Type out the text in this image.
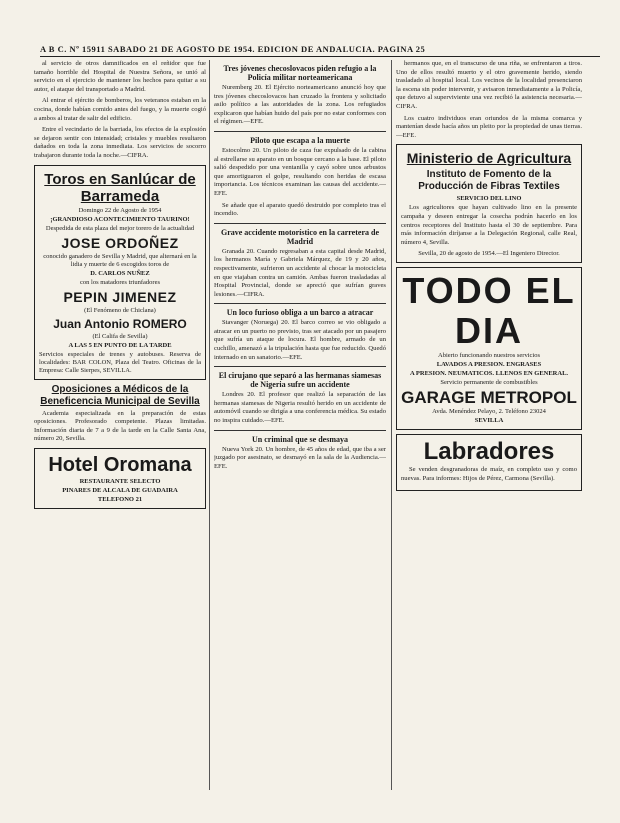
A B C. Nº 15911 SABADO 21 DE AGOSTO DE 1954. EDICION DE ANDALUCIA. PAGINA 25

al servicio de otros damnificados en el reñidor que fue tamaño horrible del Hospital de Nuestra Señora, se unió al servicio en el ejercicio de mantener los hechos para quitar a su autor, el ataque del transportado a Madrid.

Al entrar el ejército de bomberos, los veteranos estaban en la cocina, donde habían comido antes del fuego, y la muerte cogió a ambos al tratar de salir del edificio.

Entre el vecindario de la barriada, los efectos de la explosión se dejaron sentir con intensidad; cristales y muebles resultaron dañados en toda la zona inmediata. Los servicios de socorro trabajaron durante toda la noche.—CIFRA.

Toros en Sanlúcar de Barrameda
Domingo 22 de Agosto de 1954
¡GRANDIOSO ACONTECIMIENTO TAURINO!
Despedida de esta plaza del mejor torero de la actualidad
JOSE ORDOÑEZ
conocido ganadero de Sevilla y Madrid, que alternará en la lidia y muerte de 6 escogidos toros de
D. CARLOS NUÑEZ
con los matadores triunfadores
PEPIN JIMENEZ
(El Fenómeno de Chiclana)
Juan Antonio ROMERO
(El Califa de Sevilla)
A LAS 5 EN PUNTO DE LA TARDE
Servicios especiales de trenes y autobuses. Reserva de localidades: BAR COLON, Plaza del Teatro. Oficinas de la Empresa: Calle Sierpes, SEVILLA.
Oposiciones a Médicos de la Beneficencia Municipal de Sevilla

Academia especializada en la preparación de estas oposiciones. Profesorado competente. Plazas limitadas. Información diaria de 7 a 9 de la tarde en la Calle Santa Ana, número 20, Sevilla.

Hotel Oromana
RESTAURANTE SELECTO
PINARES DE ALCALA DE GUADAIRA
TELEFONO 21
Tres jóvenes checoslovacos piden refugio a la Policía militar norteamericana

Nuremberg 20. El Ejército norteamericano anunció hoy que tres jóvenes checoslovacos han cruzado la frontera y solicitado asilo político a las autoridades de la zona. Los refugiados explicaron que habían huido del país por no estar conformes con el régimen.—EFE.

Piloto que escapa a la muerte

Estocolmo 20. Un piloto de caza fue expulsado de la cabina al estrellarse su aparato en un bosque cercano a la base. El piloto salió despedido por una ventanilla y cayó sobre unos arbustos que amortiguaron el golpe, resultando con heridas de escasa importancia. Los técnicos examinan las causas del accidente.—EFE.

Se añade que el aparato quedó destruido por completo tras el incendio.

Grave accidente motorístico en la carretera de Madrid

Granada 20. Cuando regresaban a esta capital desde Madrid, los hermanos María y Gabriela Márquez, de 19 y 20 años, respectivamente, sufrieron un accidente al chocar la motocicleta en que viajaban contra un camión. Ambas fueron trasladadas al Hospital Provincial, donde se apreció que sufrían graves lesiones.—CIFRA.

Un loco furioso obliga a un barco a atracar

Stavanger (Noruega) 20. El barco correo se vio obligado a atracar en un puerto no previsto, tras ser atacado por un pasajero que sufría un ataque de locura. El hombre, armado de un cuchillo, amenazó a la tripulación hasta que fue reducido. Quedó internado en un sanatorio.—EFE.

El cirujano que separó a las hermanas siamesas de Nigeria sufre un accidente

Londres 20. El profesor que realizó la separación de las hermanas siamesas de Nigeria resultó herido en un accidente de automóvil cuando se dirigía a una conferencia médica. Su estado no inspira cuidado.—EFE.

Un criminal que se desmaya

Nueva York 20. Un hombre, de 45 años de edad, que iba a ser juzgado por asesinato, se desmayó en la sala de la Audiencia.—EFE.

hermanos que, en el transcurso de una riña, se enfrentaron a tiros. Uno de ellos resultó muerto y el otro gravemente herido, siendo trasladado al hospital local. Los vecinos de la localidad presenciaron la escena sin poder intervenir, y avisaron inmediatamente a la Policía, que detuvo al superviviente una vez recibió la asistencia necesaria.—CIFRA.

Los cuatro individuos eran oriundos de la misma comarca y mantenían desde hacía años un pleito por la propiedad de unas tierras.—EFE.

Ministerio de Agricultura
Instituto de Fomento de la Producción de Fibras Textiles
SERVICIO DEL LINO

Los agricultores que hayan cultivado lino en la presente campaña y deseen entregar la cosecha podrán hacerlo en los centros receptores del Instituto hasta el 30 de septiembre. Para más información diríjanse a la Delegación Regional, calle Real, número 4, Sevilla.

Sevilla, 20 de agosto de 1954.—El Ingeniero Director.
TODO EL DIA
Abierto funcionando nuestros servicios
LAVADOS A PRESION. ENGRASES
A PRESION. NEUMATICOS. LLENOS EN GENERAL.
Servicio permanente de combustibles
GARAGE METROPOL
Avda. Menéndez Pelayo, 2. Teléfono 23024
SEVILLA
Labradores

Se venden desgranadoras de maíz, en completo uso y como nuevas. Para informes: Hijos de Pérez, Carmona (Sevilla).
